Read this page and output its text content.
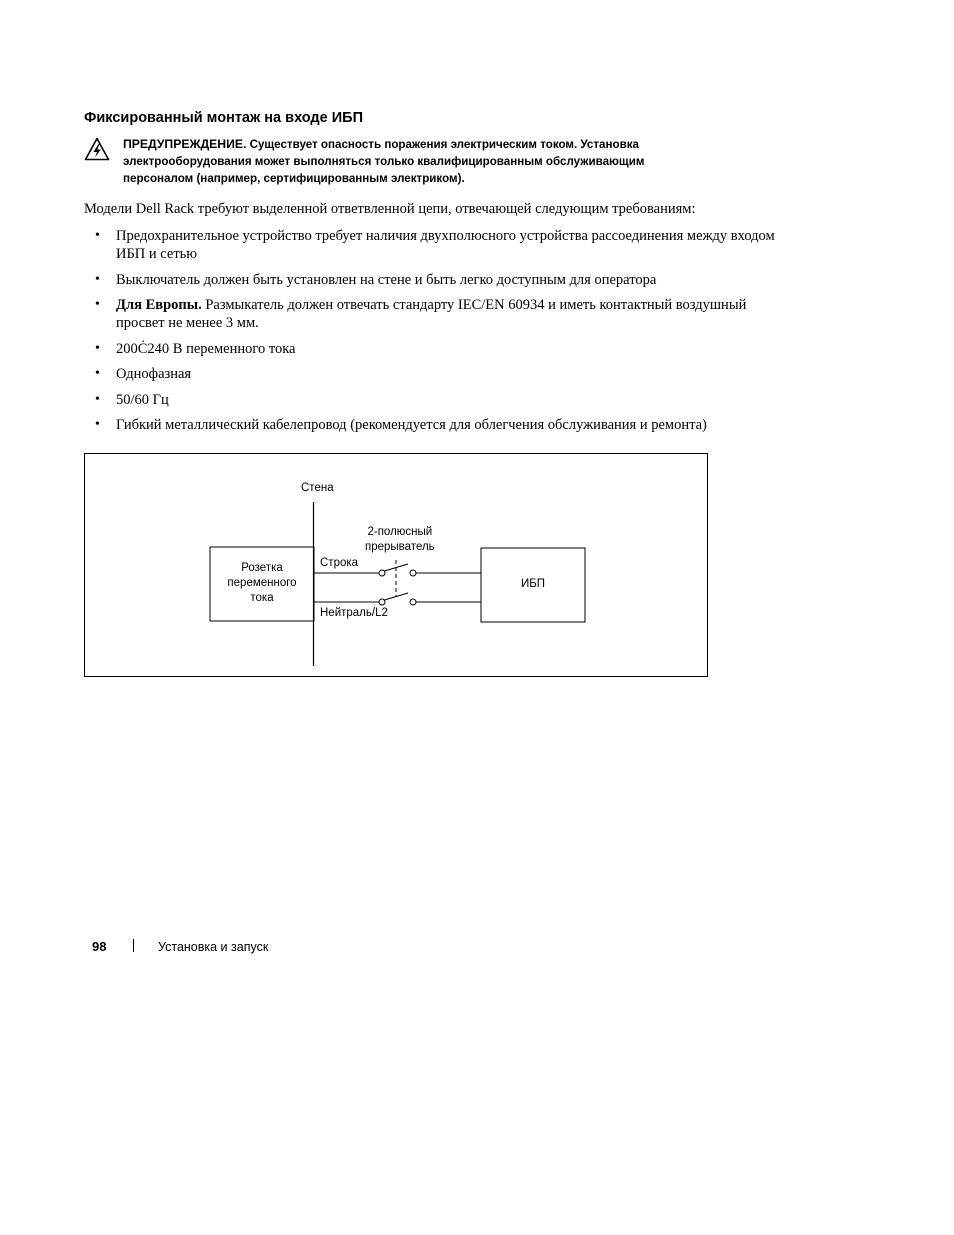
Фиксированный монтаж на входе ИБП
ПРЕДУПРЕЖДЕНИЕ. Существует опасность поражения электрическим током. Установка
электрооборудования может выполняться только квалифицированным обслуживающим
персоналом (например, сертифицированным электриком).
Модели Dell Rack требуют выделенной ответвленной цепи, отвечающей следующим требованиям:
• Предохранительное устройство требует наличия двухполюсного устройства рассоединения между входом ИБП и сетью
• Выключатель должен быть установлен на стене и быть легко доступным для оператора
• Для Европы. Размыкатель должен отвечать стандарту IEC/EN 60934 и иметь контактный воздушный просвет не менее 3 мм.
• 200Ċ240 В переменного тока
• Однофазная
• 50/60 Гц
• Гибкий металлический кабелепровод (рекомендуется для облегчения обслуживания и ремонта)
Стена
2-полюсный
прерыватель
Строка
Нейтраль/L2
Розетка
переменного
тока
ИБП
98	Установка и запуск
